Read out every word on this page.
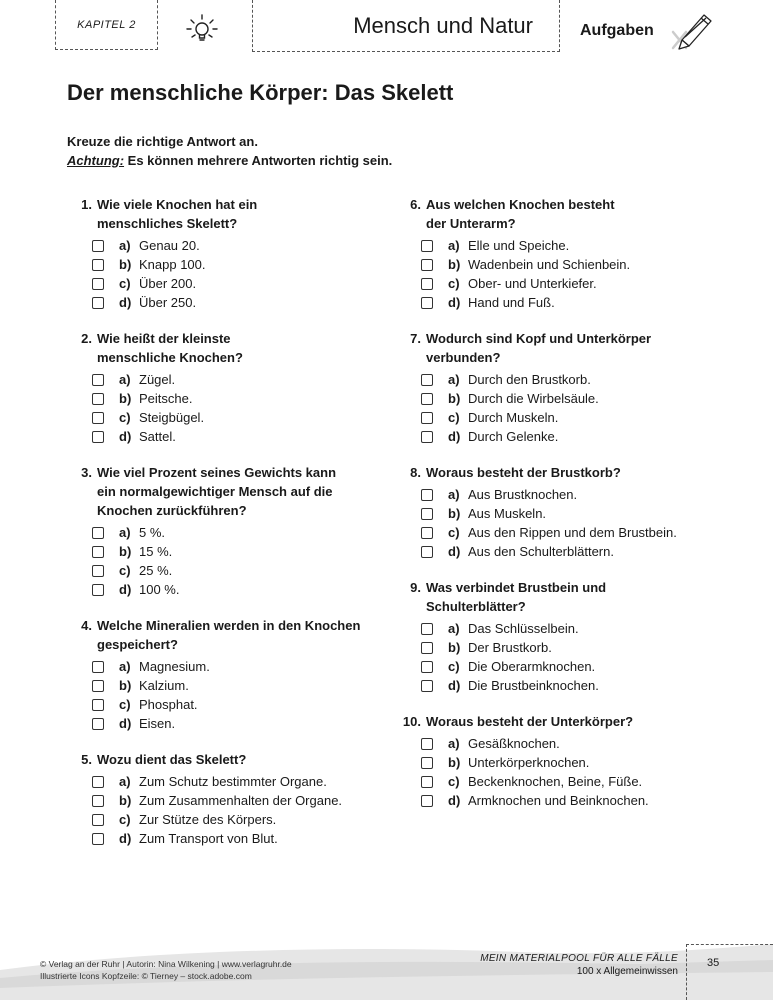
KAPITEL 2	Mensch und Natur	Aufgaben
Der menschliche Körper: Das Skelett
Kreuze die richtige Antwort an.
Achtung: Es können mehrere Antworten richtig sein.
1. Wie viele Knochen hat ein
menschliches Skelett?
a) Genau 20.
b) Knapp 100.
c) Über 200.
d) Über 250.
2. Wie heißt der kleinste
menschliche Knochen?
a) Zügel.
b) Peitsche.
c) Steigbügel.
d) Sattel.
3. Wie viel Prozent seines Gewichts kann
ein normalgewichtiger Mensch auf die
Knochen zurückführen?
a) 5 %.
b) 15 %.
c) 25 %.
d) 100 %.
4. Welche Mineralien werden in den Knochen
gespeichert?
a) Magnesium.
b) Kalzium.
c) Phosphat.
d) Eisen.
5. Wozu dient das Skelett?
a) Zum Schutz bestimmter Organe.
b) Zum Zusammenhalten der Organe.
c) Zur Stütze des Körpers.
d) Zum Transport von Blut.
6. Aus welchen Knochen besteht
der Unterarm?
a) Elle und Speiche.
b) Wadenbein und Schienbein.
c) Ober- und Unterkiefer.
d) Hand und Fuß.
7. Wodurch sind Kopf und Unterkörper
verbunden?
a) Durch den Brustkorb.
b) Durch die Wirbelsäule.
c) Durch Muskeln.
d) Durch Gelenke.
8. Woraus besteht der Brustkorb?
a) Aus Brustknochen.
b) Aus Muskeln.
c) Aus den Rippen und dem Brustbein.
d) Aus den Schulterblättern.
9. Was verbindet Brustbein und
Schulterblätter?
a) Das Schlüsselbein.
b) Der Brustkorb.
c) Die Oberarmknochen.
d) Die Brustbeinknochen.
10. Woraus besteht der Unterkörper?
a) Gesäßknochen.
b) Unterkörperknochen.
c) Beckenknochen, Beine, Füße.
d) Armknochen und Beinknochen.
© Verlag an der Ruhr | Autorin: Nina Wilkening | www.verlagruhr.de
Illustrierte Icons Kopfzeile: © Tierney – stock.adobe.com
MEIN MATERIALPOOL FÜR ALLE FÄLLE
100 x Allgemeinwissen
35
